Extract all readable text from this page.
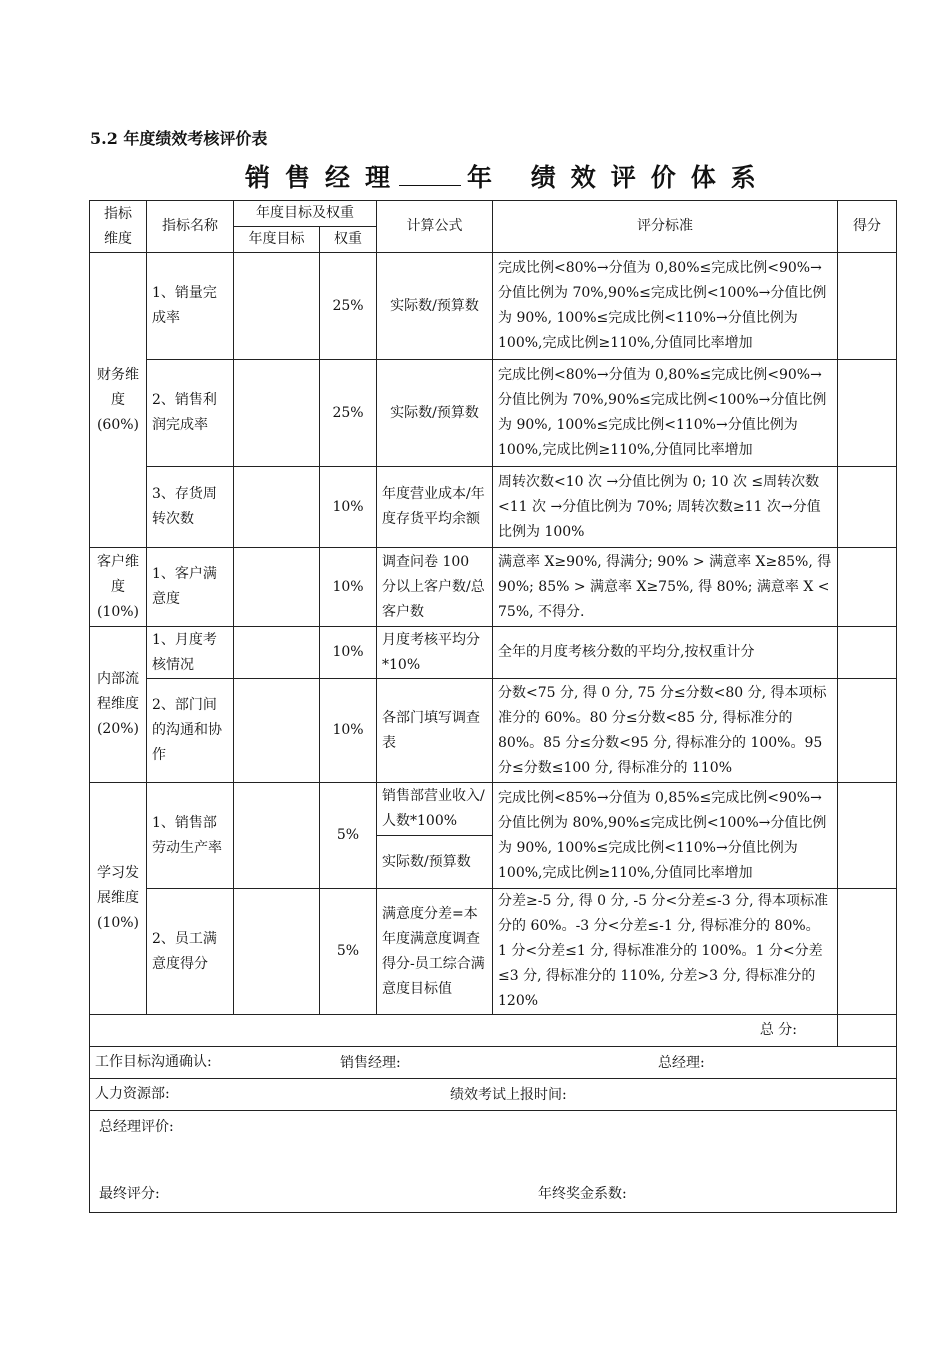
5.2 年度绩效考核评价表
销售经理 年 绩效评价体系
指标维度	指标名称	年度目标及权重		计算公式	评分标准	得分
		年度目标	权重			
财务维度(60%)	1、销量完成率		25%	实际数/预算数	完成比例<80%→分值为 0,80%≤完成比例<90%→分值比例为 70%,90%≤完成比例<100%→分值比例为 90%, 100%≤完成比例<110%→分值比例为 100%,完成比例≥110%,分值同比率增加	
	2、销售利润完成率		25%	实际数/预算数	完成比例<80%→分值为 0,80%≤完成比例<90%→分值比例为 70%,90%≤完成比例<100%→分值比例为 90%, 100%≤完成比例<110%→分值比例为 100%,完成比例≥110%,分值同比率增加	
	3、存货周转次数		10%	年度营业成本/年度存货平均余额	周转次数<10 次 →分值比例为 0; 10 次 ≤周转次数<11 次 →分值比例为 70%; 周转次数≥11 次→分值比例为 100%	
客户维度(10%)	1、客户满意度		10%	调查问卷 100 分以上客户数/总客户数	满意率 X≥90%, 得满分; 90% > 满意率 X≥85%, 得 90%; 85% > 满意率 X≥75%, 得 80%; 满意率 X < 75%, 不得分.	
内部流程维度(20%)	1、月度考核情况		10%	月度考核平均分*10%	全年的月度考核分数的平均分,按权重计分	
	2、部门间的沟通和协作		10%	各部门填写调查表	分数<75 分, 得 0 分, 75 分≤分数<80 分, 得本项标准分的 60%。80 分≤分数<85 分, 得标准分的 80%。85 分≤分数<95 分, 得标准分的 100%。95 分≤分数≤100 分, 得标准分的 110%	
学习发展维度(10%)	1、销售部劳动生产率		5%	销售部营业收入/人数*100%	完成比例<85%→分值为 0,85%≤完成比例<90%→分值比例为 80%,90%≤完成比例<100%→分值比例为 90%, 100%≤完成比例<110%→分值比例为 100%,完成比例≥110%,分值同比率增加	
				实际数/预算数		
	2、员工满意度得分		5%	满意度分差=本年度满意度调查得分-员工综合满意度目标值	分差≥-5 分, 得 0 分, -5 分<分差≤-3 分, 得本项标准分的 60%。-3 分<分差≤-1 分, 得标准分的 80%。 1 分<分差≤1 分, 得标准准分的 100%。1 分<分差≤3 分, 得标准分的 110%, 分差>3 分, 得标准分的 120%	
总 分:						
工作目标沟通确认: 销售经理: 总经理:						

人力资源部: 绩效考试上报时间:						

总经理评价:
最终评分: 年终奖金系数:						
